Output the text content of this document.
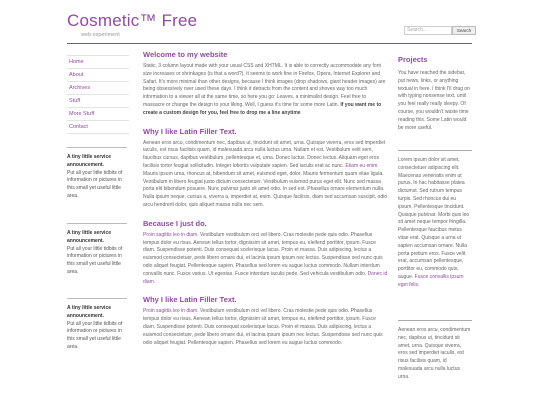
Cosmetic™ Free
web experiment
Search...	Search
Home
About
Archives
Stuff
More Stuff
Contact
A tiny little service announcement.
Put all your little tidbits of information or pictures in this small yet useful little area.
A tiny little service announcement.
Put all your little tidbits of information or pictures in this small yet useful little area.
A tiny little service announcement.
Put all your little tidbits of information or pictures in this small yet useful little area.
Welcome to my website

Static, 3 column layout made with your usual CSS and XHTML. It is able to correctly accommodate any font size increases or shrinkages (is that a word?). It seems to work fine in Firefox, Opera, Internet Explorer and Safari. It's more minimal than other designs, because I think images (drop shadows, giant header images) are being obsessively over used these days. I think it detracts from the content and shoves way too much information to a viewer all at the same time, so here you go: Leaves, a minimalist design. Feel free to massacre or change the design to your liking. Well, I guess it's time for some more Latin. If you want me to create a custom design for you, feel free to drop me a line anytime

Why I like Latin Filler Text.

Aenean eros arcu, condimentum nec, dapibus ut, tincidunt sit amet, urna. Quisque viverra, eros sed imperdiet iaculis, est risus facilisis quam, id malesuada arcu nulla luctus urna. Nullam et est. Vestibulum velit sem, faucibus cursus, dapibus vestibulum, pellentesque et, urna. Donec luctus. Donec lectus. Aliquam eget eros facilisis tortor feugiat sollicitudin. Integer lobortis vulputate sapien. Sed iaculis erat ac nunc. Etiam eu enim. Mauris ipsum urna, rhoncus at, bibendum sit amet, euismod eget, dolor. Mauris fermentum quam vitae ligula. Vestibulum in libero feugiat justo dictum consectetuer. Vestibulum euismod purus eget elit. Nunc sed massa porta elit bibendum posuere. Nunc pulvinar justo sit amet odio. In sed est. Phasellus ornare elementum nulla. Nulla ipsum neque, cursus a, viverra a, imperdiet at, enim. Quisque facilisis, diam sed accumsan suscipit, odio arcu hendrerit dolor, quis aliquet massa nulla nec sem.

Because I just do.

Proin sagittis leo in diam. Vestibulum vestibulum orci vel libero. Cras molestie pede quis odio. Phasellus tempus dolor eu risus. Aenean tellus tortor, dignissim sit amet, tempus eu, eleifend porttitor, ipsum. Fusce diam. Suspendisse potenti. Duis consequat scelerisque lacus. Proin et massa. Duis adipiscing, lectus a euismod consectetuer, pede libero ornare dui, et lacinia ipsum ipsum nec lectus. Suspendisse sed nunc quis odio aliquet feugiat. Pellentesque sapien. Phasellus sed lorem eu augue luctus commodo. Nullam interdum convallis nunc. Fusce varius. Ut egestas. Fusce interdum iaculis pede. Sed vehicula vestibulum odio. Donec id diam.

Why I like Latin Filler Text.

Proin sagittis leo in diam. Vestibulum vestibulum orci vel libero. Cras molestie pede quis odio. Phasellus tempus dolor eu risus. Aenean tellus tortor, dignissim sit amet, tempus eu, eleifend porttitor, ipsum. Fusce diam. Suspendisse potenti. Duis consequat scelerisque lacus. Proin et massa. Duis adipiscing, lectus a euismod consectetuer, pede libero ornare dui, et lacinia ipsum ipsum nec lectus. Suspendisse sed nunc quis odio aliquet feugiat. Pellentesque sapien. Phasellus sed lorem eu augue luctus commodo.

Projects

You have reached the sidebar, put news, links, or anything textual in here. I think I'll drag on with typing nonsense text, until you feel really really sleepy. Of course, you wouldn't waste time reading this. Some Latin would be more useful.

Lorem ipsum dolor sit amet, consectetuer adipiscing elit. Maecenas venenatis enim ut purus. In hac habitasse platea dictumst. Sed rutrum tempus turpis. Sed rhoncus dui eu ipsum. Pellentesque tincidunt. Quisque pulvinar. Morbi quis leo sit amet neque tempor fringilla. Pellentesque faucibus metus vitae erat. Quisque a urna ut sapien accumsan ornare. Nulla porta pretium eros. Fusce velit erat, accumsan pellentesque, porttitor eu, commodo quis, augue. Fusce convallis ipsum eget felis.

Aenean eros arcu, condimentum nec, dapibus ut, tincidunt sit amet, urna. Quisque viverra, eros sed imperdiet iaculis, est risus facilisis quam, id malesuada arcu nulla luctus urna.
